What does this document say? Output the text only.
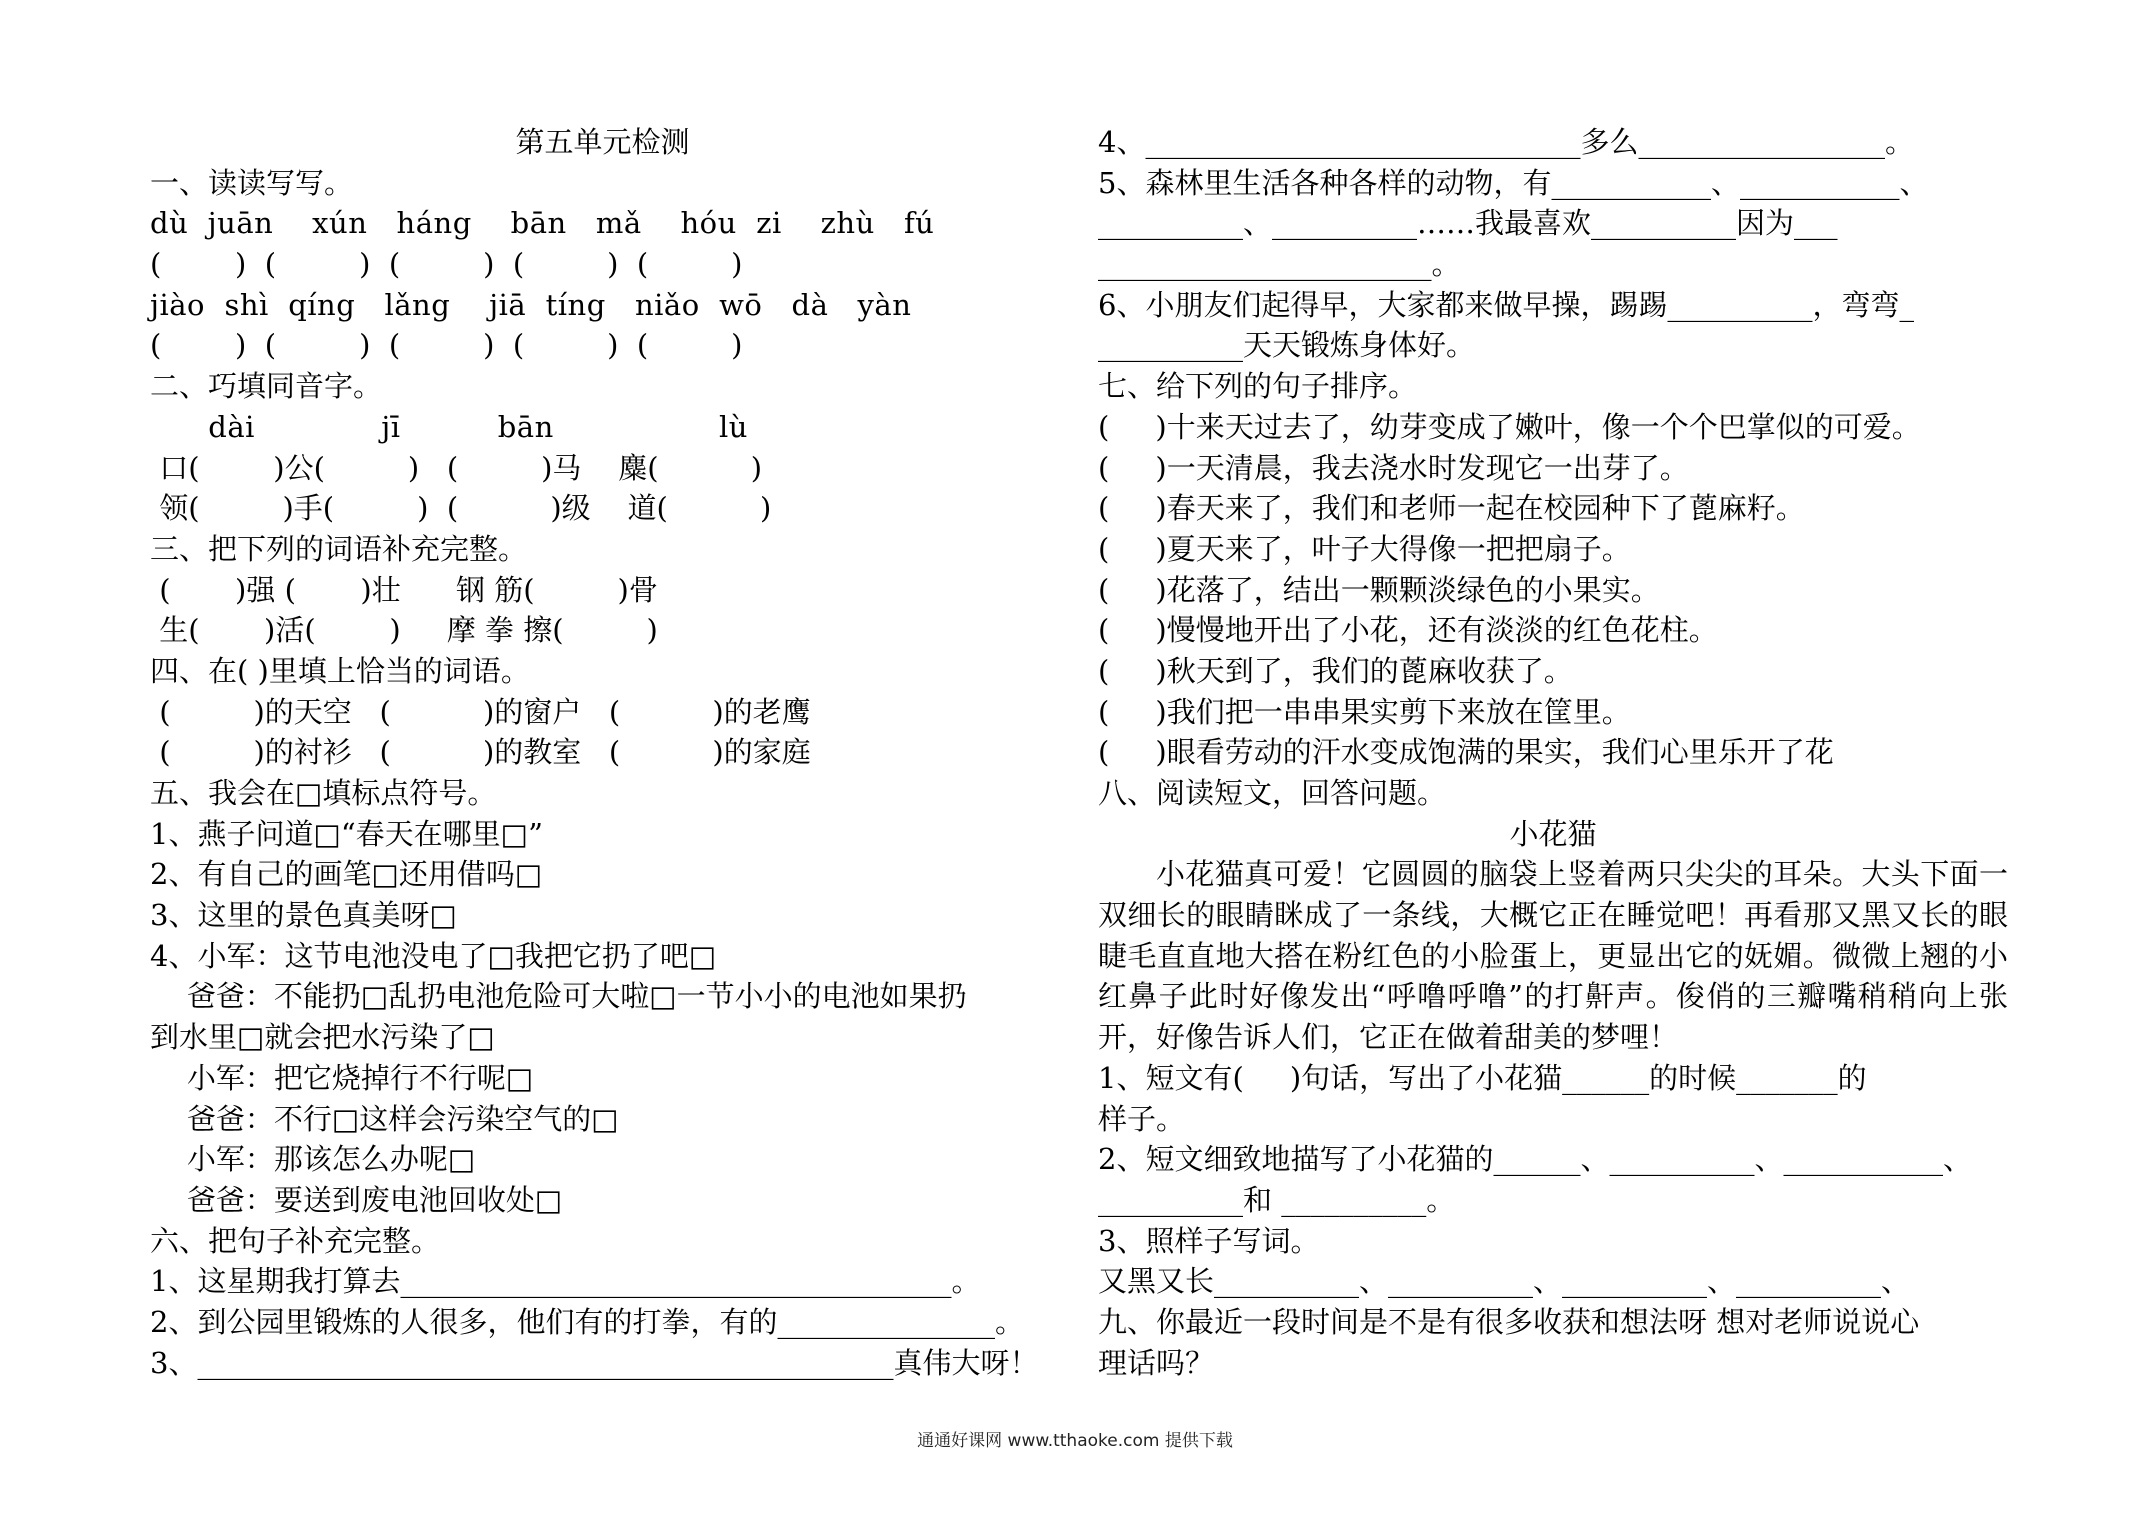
第五单元检测
一、读读写写。
dù  juān    xún   háng    bān   mǎ    hóu  zi    zhù   fú
(        )  (         )  (         )  (         )  (         )
jiào  shì  qíng   lǎng    jiā  tíng   niǎo  wō   dà   yàn
(        )  (         )  (         )  (         )  (         )
二、巧填同音字。
dài             jī          bān                 lù
口(        )公(         )   (         )马    麋(          )
领(         )手(         )  (          )级    道(          )
三、把下列的词语补充完整。
(       )强 (       )壮      钢 筋(         )骨
生(       )活(        )     摩 拳 擦(         )
四、在( )里填上恰当的词语。
(         )的天空   (          )的窗户   (          )的老鹰
(         )的衬衫   (          )的教室   (          )的家庭
五、我会在□填标点符号。
1、燕子问道□“春天在哪里□”
2、有自己的画笔□还用借吗□
3、这里的景色真美呀□
4、小军：这节电池没电了□我把它扔了吧□
爸爸：不能扔□乱扔电池危险可大啦□一节小小的电池如果扔
到水里□就会把水污染了□
小军：把它烧掉行不行呢□
爸爸：不行□这样会污染空气的□
小军：那该怎么办呢□
爸爸：要送到废电池回收处□
六、把句子补充完整。
1、这星期我打算去______________________________________。
2、到公园里锻炼的人很多，他们有的打拳，有的_______________。
3、________________________________________________真伟大呀！
4、______________________________多么_________________。
5、森林里生活各种各样的动物，有___________、___________、
__________、__________……我最喜欢__________因为___
_______________________。
6、小朋友们起得早，大家都来做早操，踢踢__________，弯弯_
__________天天锻炼身体好。
七、给下列的句子排序。
(     )十来天过去了，幼芽变成了嫩叶，像一个个巴掌似的可爱。
(     )一天清晨，我去浇水时发现它一出芽了。
(     )春天来了，我们和老师一起在校园种下了蓖麻籽。
(     )夏天来了，叶子大得像一把把扇子。
(     )花落了，结出一颗颗淡绿色的小果实。
(     )慢慢地开出了小花，还有淡淡的红色花柱。
(     )秋天到了，我们的蓖麻收获了。
(     )我们把一串串果实剪下来放在筐里。
(     )眼看劳动的汗水变成饱满的果实，我们心里乐开了花
八、阅读短文，回答问题。
小花猫
小花猫真可爱！它圆圆的脑袋上竖着两只尖尖的耳朵。大头下面一双细长的眼睛眯成了一条线，大概它正在睡觉吧！再看那又黑又长的眼睫毛直直地大搭在粉红色的小脸蛋上，更显出它的妩媚。微微上翘的小红鼻子此时好像发出“呼噜呼噜”的打鼾声。俊俏的三瓣嘴稍稍向上张开，好像告诉人们，它正在做着甜美的梦哩！
1、短文有(     )句话，写出了小花猫______的时候_______的
样子。
2、短文细致地描写了小花猫的______、__________、___________、
__________和 __________。
3、照样子写词。
又黑又长__________、__________、__________、__________、
九、你最近一段时间是不是有很多收获和想法呀 想对老师说说心
理话吗？
通通好课网 www.tthaoke.com 提供下载
